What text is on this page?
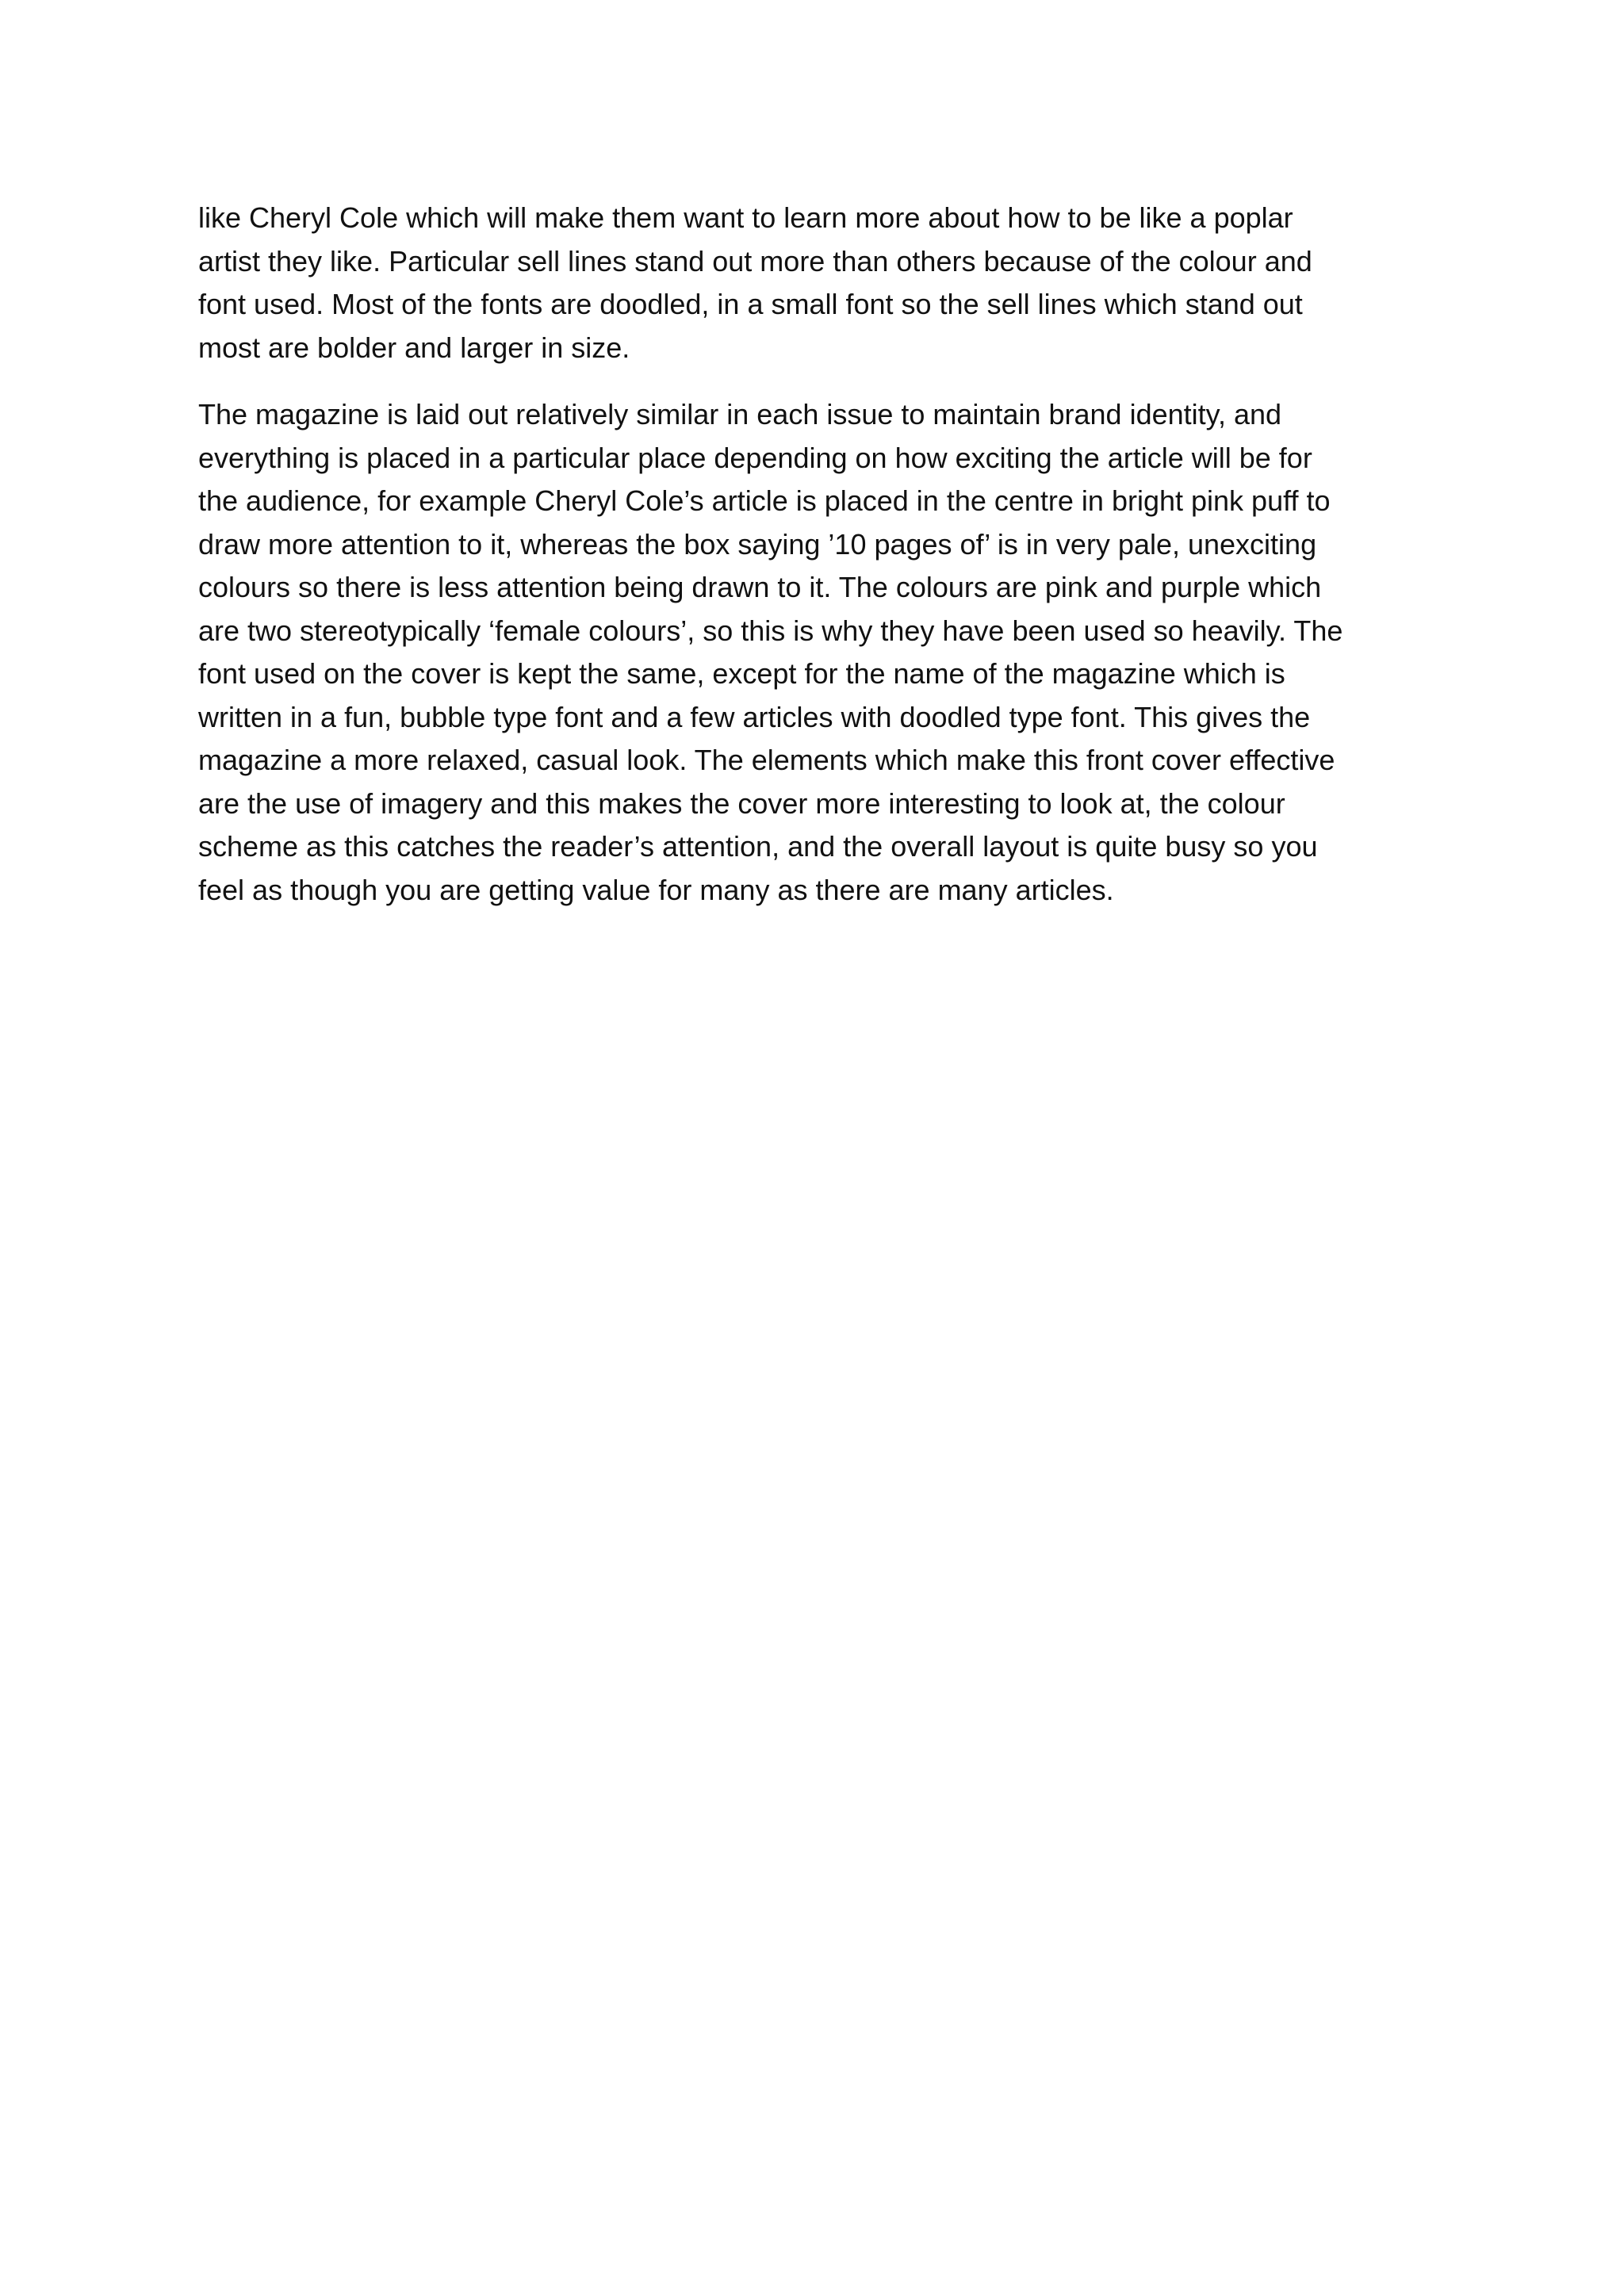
like Cheryl Cole which will make them want to learn more about how to be like a poplar
artist they like. Particular sell lines stand out more than others because of the colour and
font used. Most of the fonts are doodled, in a small font so the sell lines which stand out
most are bolder and larger in size.

The magazine is laid out relatively similar in each issue to maintain brand identity, and
everything is placed in a particular place depending on how exciting the article will be for
the audience, for example Cheryl Cole’s article is placed in the centre in bright pink puff to
draw more attention to it, whereas the box saying ’10 pages of’ is in very pale, unexciting
colours so there is less attention being drawn to it. The colours are pink and purple which
are two stereotypically ‘female colours’, so this is why they have been used so heavily. The
font used on the cover is kept the same, except for the name of the magazine which is
written in a fun, bubble type font and a few articles with doodled type font. This gives the
magazine a more relaxed, casual look. The elements which make this front cover effective
are the use of imagery and this makes the cover more interesting to look at, the colour
scheme as this catches the reader’s attention, and the overall layout is quite busy so you
feel as though you are getting value for many as there are many articles.
